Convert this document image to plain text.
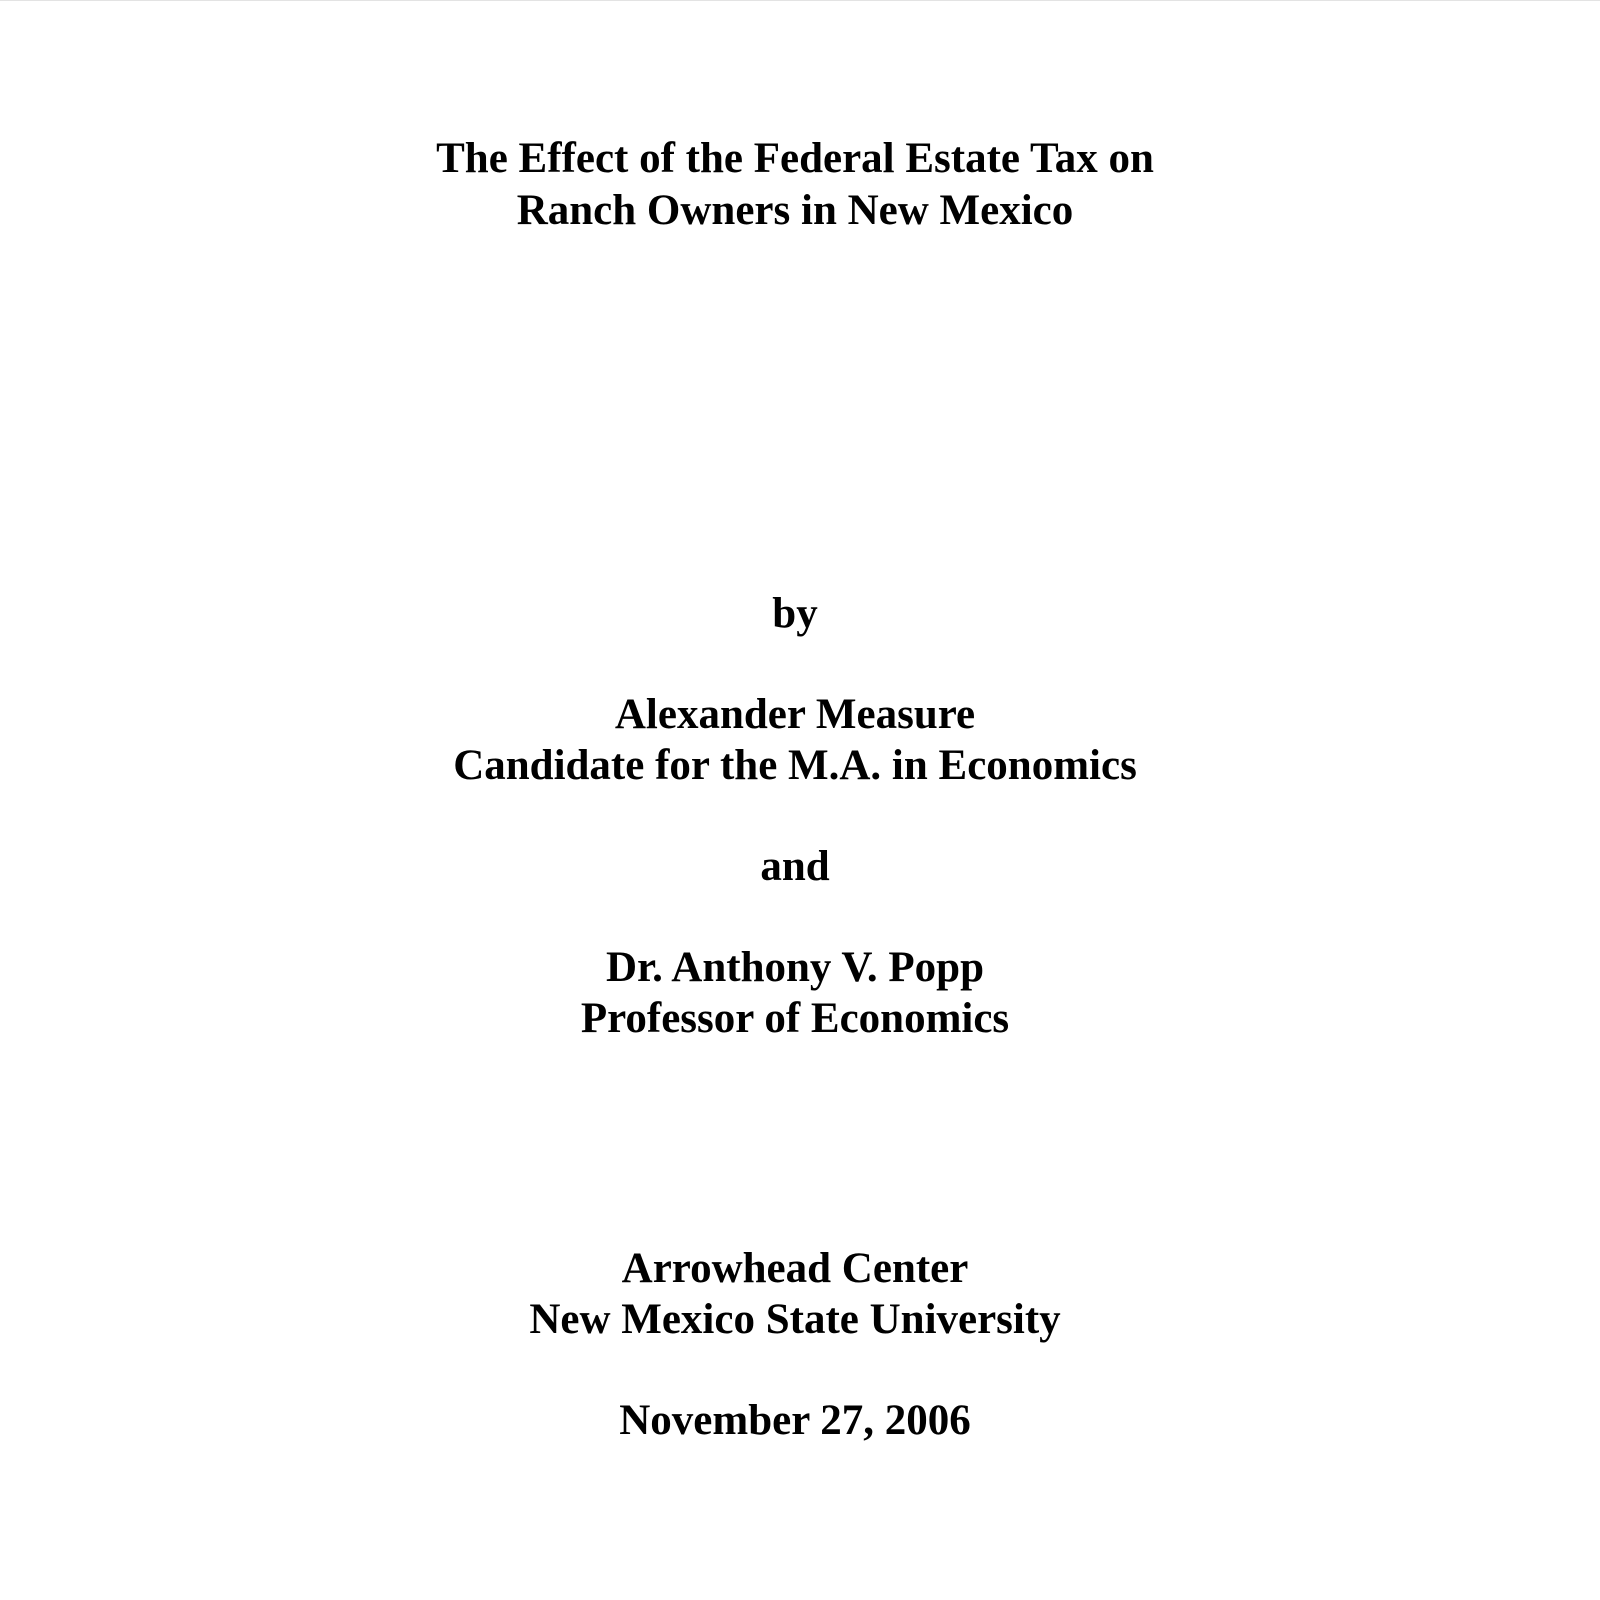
The Effect of the Federal Estate Tax on
Ranch Owners in New Mexico
by
Alexander Measure
Candidate for the M.A. in Economics
and
Dr. Anthony V. Popp
Professor of Economics
Arrowhead Center
New Mexico State University
November 27, 2006
